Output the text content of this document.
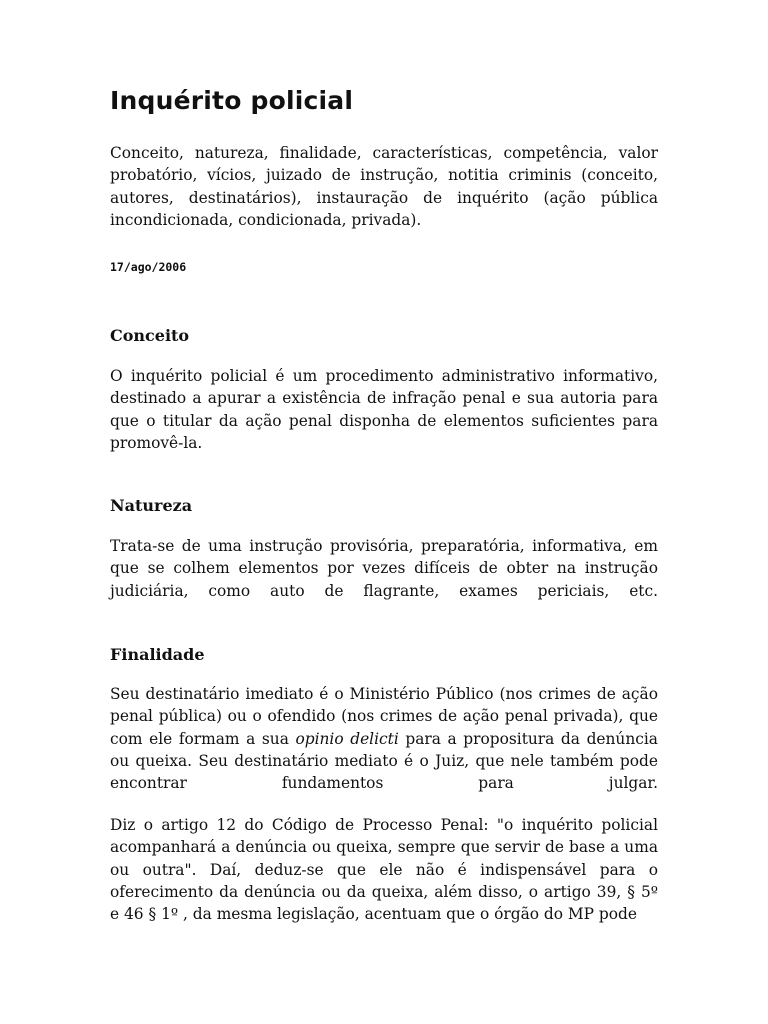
Inquérito policial

Conceito, natureza, finalidade, características, competência, valor probatório, vícios, juizado de instrução, notitia criminis (conceito, autores, destinatários), instauração de inquérito (ação pública incondicionada, condicionada, privada).

17/ago/2006

Conceito

O inquérito policial é um procedimento administrativo informativo, destinado a apurar a existência de infração penal e sua autoria para que o titular da ação penal disponha de elementos suficientes para promovê-la.

Natureza

Trata-se de uma instrução provisória, preparatória, informativa, em que se colhem elementos por vezes difíceis de obter na instrução judiciária, como auto de flagrante, exames periciais, etc.

Finalidade

Seu destinatário imediato é o Ministério Público (nos crimes de ação penal pública) ou o ofendido (nos crimes de ação penal privada), que com ele formam a sua opinio delicti para a propositura da denúncia ou queixa. Seu destinatário mediato é o Juiz, que nele também pode encontrar fundamentos para julgar.

Diz o artigo 12 do Código de Processo Penal: "o inquérito policial acompanhará a denúncia ou queixa, sempre que servir de base a uma ou outra". Daí, deduz-se que ele não é indispensável para o oferecimento da denúncia ou da queixa, além disso, o artigo 39, § 5º e 46 § 1º , da mesma legislação, acentuam que o órgão do MP pode
